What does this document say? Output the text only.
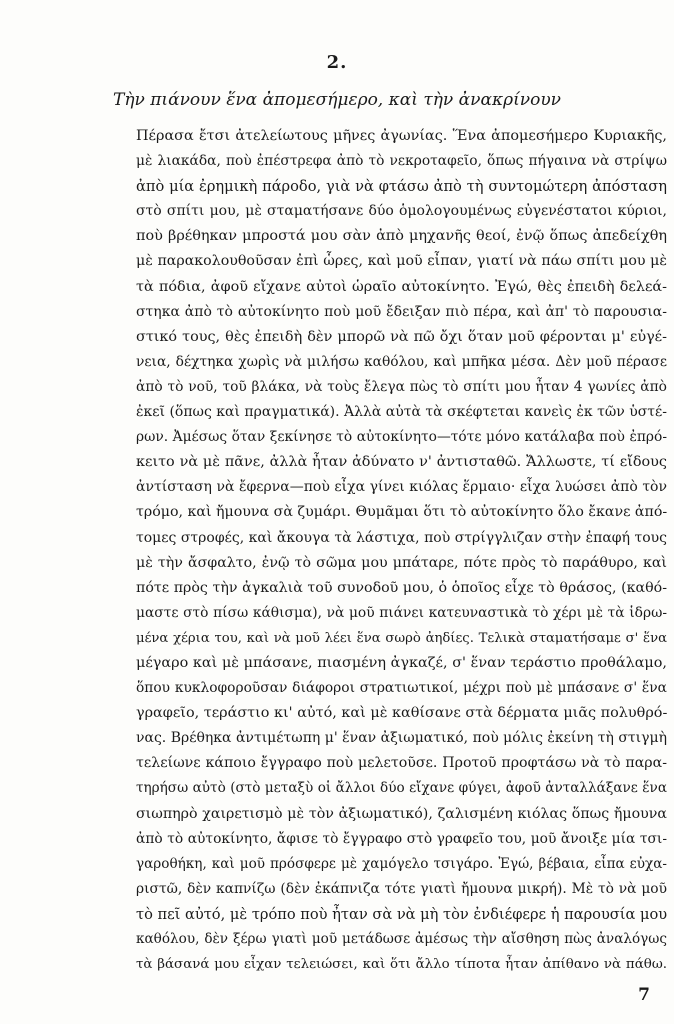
2.
Τὴν πιάνουν ἕνα ἀπομεσήμερο, καὶ τὴν ἀνακρίνουν
Πέρασα ἔτσι ἀτελείωτους μῆνες ἀγωνίας. Ἕνα ἀπομεσήμερο Κυριακῆς,
μὲ λιακάδα, ποὺ ἐπέστρεφα ἀπὸ τὸ νεκροταφεῖο, ὅπως πήγαινα νὰ στρίψω
ἀπὸ μία ἐρημικὴ πάροδο, γιὰ νὰ φτάσω ἀπὸ τὴ συντομώτερη ἀπόσταση
στὸ σπίτι μου, μὲ σταματήσανε δύο ὁμολογουμένως εὐγενέστατοι κύριοι,
ποὺ βρέθηκαν μπροστά μου σὰν ἀπὸ μηχανῆς θεοί, ἐνῷ ὅπως ἀπεδείχθη
μὲ παρακολουθοῦσαν ἐπὶ ὧρες, καὶ μοῦ εἶπαν, γιατί νὰ πάω σπίτι μου μὲ
τὰ πόδια, ἀφοῦ εἴχανε αὐτοὶ ὡραῖο αὐτοκίνητο. Ἐγώ, θὲς ἐπειδὴ δελεά-
στηκα ἀπὸ τὸ αὐτοκίνητο ποὺ μοῦ ἔδειξαν πιὸ πέρα, καὶ ἀπ' τὸ παρουσια-
στικό τους, θὲς ἐπειδὴ δὲν μπορῶ νὰ πῶ ὄχι ὅταν μοῦ φέρονται μ' εὐγέ-
νεια, δέχτηκα χωρὶς νὰ μιλήσω καθόλου, καὶ μπῆκα μέσα. Δὲν μοῦ πέρασε
ἀπὸ τὸ νοῦ, τοῦ βλάκα, νὰ τοὺς ἔλεγα πὼς τὸ σπίτι μου ἦταν 4 γωνίες ἀπὸ
ἐκεῖ (ὅπως καὶ πραγματικά). Ἀλλὰ αὐτὰ τὰ σκέφτεται κανεὶς ἐκ τῶν ὑστέ-
ρων. Ἀμέσως ὅταν ξεκίνησε τὸ αὐτοκίνητο—τότε μόνο κατάλαβα ποὺ ἐπρό-
κειτο νὰ μὲ πᾶνε, ἀλλὰ ἦταν ἀδύνατο ν' ἀντισταθῶ. Ἄλλωστε, τί εἴδους
ἀντίσταση νὰ ἔφερνα—ποὺ εἶχα γίνει κιόλας ἕρμαιο· εἶχα λυώσει ἀπὸ τὸν
τρόμο, καὶ ἤμουνα σὰ ζυμάρι. Θυμᾶμαι ὅτι τὸ αὐτοκίνητο ὅλο ἔκανε ἀπό-
τομες στροφές, καὶ ἄκουγα τὰ λάστιχα, ποὺ στρίγγλιζαν στὴν ἐπαφή τους
μὲ τὴν ἄσφαλτο, ἐνῷ τὸ σῶμα μου μπάταρε, πότε πρὸς τὸ παράθυρο, καὶ
πότε πρὸς τὴν ἀγκαλιὰ τοῦ συνοδοῦ μου, ὁ ὁποῖος εἶχε τὸ θράσος, (καθό-
μαστε στὸ πίσω κάθισμα), νὰ μοῦ πιάνει κατευναστικὰ τὸ χέρι μὲ τὰ ἱδρω-
μένα χέρια του, καὶ νὰ μοῦ λέει ἕνα σωρὸ ἀηδίες. Τελικὰ σταματήσαμε σ' ἕνα
μέγαρο καὶ μὲ μπάσανε, πιασμένη ἀγκαζέ, σ' ἕναν τεράστιο προθάλαμο,
ὅπου κυκλοφοροῦσαν διάφοροι στρατιωτικοί, μέχρι ποὺ μὲ μπάσανε σ' ἕνα
γραφεῖο, τεράστιο κι' αὐτό, καὶ μὲ καθίσανε στὰ δέρματα μιᾶς πολυθρό-
νας. Βρέθηκα ἀντιμέτωπη μ' ἕναν ἀξιωματικό, ποὺ μόλις ἐκείνη τὴ στιγμὴ
τελείωνε κάποιο ἔγγραφο ποὺ μελετοῦσε. Προτοῦ προφτάσω νὰ τὸ παρα-
τηρήσω αὐτὸ (στὸ μεταξὺ οἱ ἄλλοι δύο εἴχανε φύγει, ἀφοῦ ἀνταλλάξανε ἕνα
σιωπηρὸ χαιρετισμὸ μὲ τὸν ἀξιωματικό), ζαλισμένη κιόλας ὅπως ἤμουνα
ἀπὸ τὸ αὐτοκίνητο, ἄφισε τὸ ἔγγραφο στὸ γραφεῖο του, μοῦ ἄνοιξε μία τσι-
γαροθήκη, καὶ μοῦ πρόσφερε μὲ χαμόγελο τσιγάρο. Ἐγώ, βέβαια, εἶπα εὐχα-
ριστῶ, δὲν καπνίζω (δὲν ἐκάπνιζα τότε γιατὶ ἤμουνα μικρή). Μὲ τὸ νὰ μοῦ
τὸ πεῖ αὐτό, μὲ τρόπο ποὺ ἦταν σὰ νὰ μὴ τὸν ἐνδιέφερε ἡ παρουσία μου
καθόλου, δὲν ξέρω γιατὶ μοῦ μετάδωσε ἀμέσως τὴν αἴσθηση πὼς ἀναλόγως
τὰ βάσανά μου εἶχαν τελειώσει, καὶ ὅτι ἄλλο τίποτα ἦταν ἀπίθανο νὰ πάθω.
7
